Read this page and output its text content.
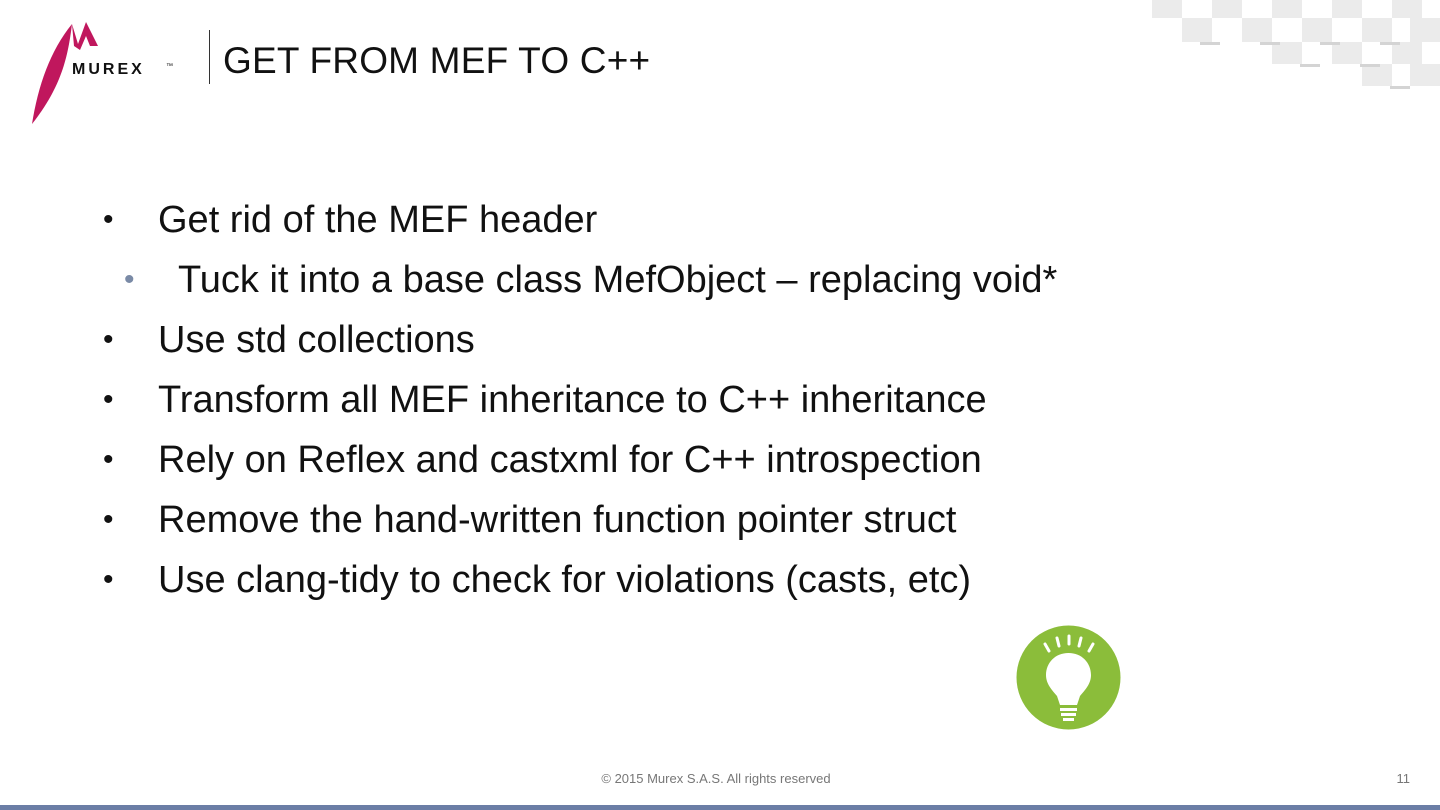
MUREX	™ GET FROM MEF TO C++
• Get rid of the MEF header
• Tuck it into a base class MefObject – replacing void*
• Use std collections
• Transform all MEF inheritance to C++ inheritance
• Rely on Reflex and castxml for C++ introspection
• Remove the hand-written function pointer struct
• Use clang-tidy to check for violations (casts, etc)
© 2015 Murex S.A.S. All rights reserved	11
